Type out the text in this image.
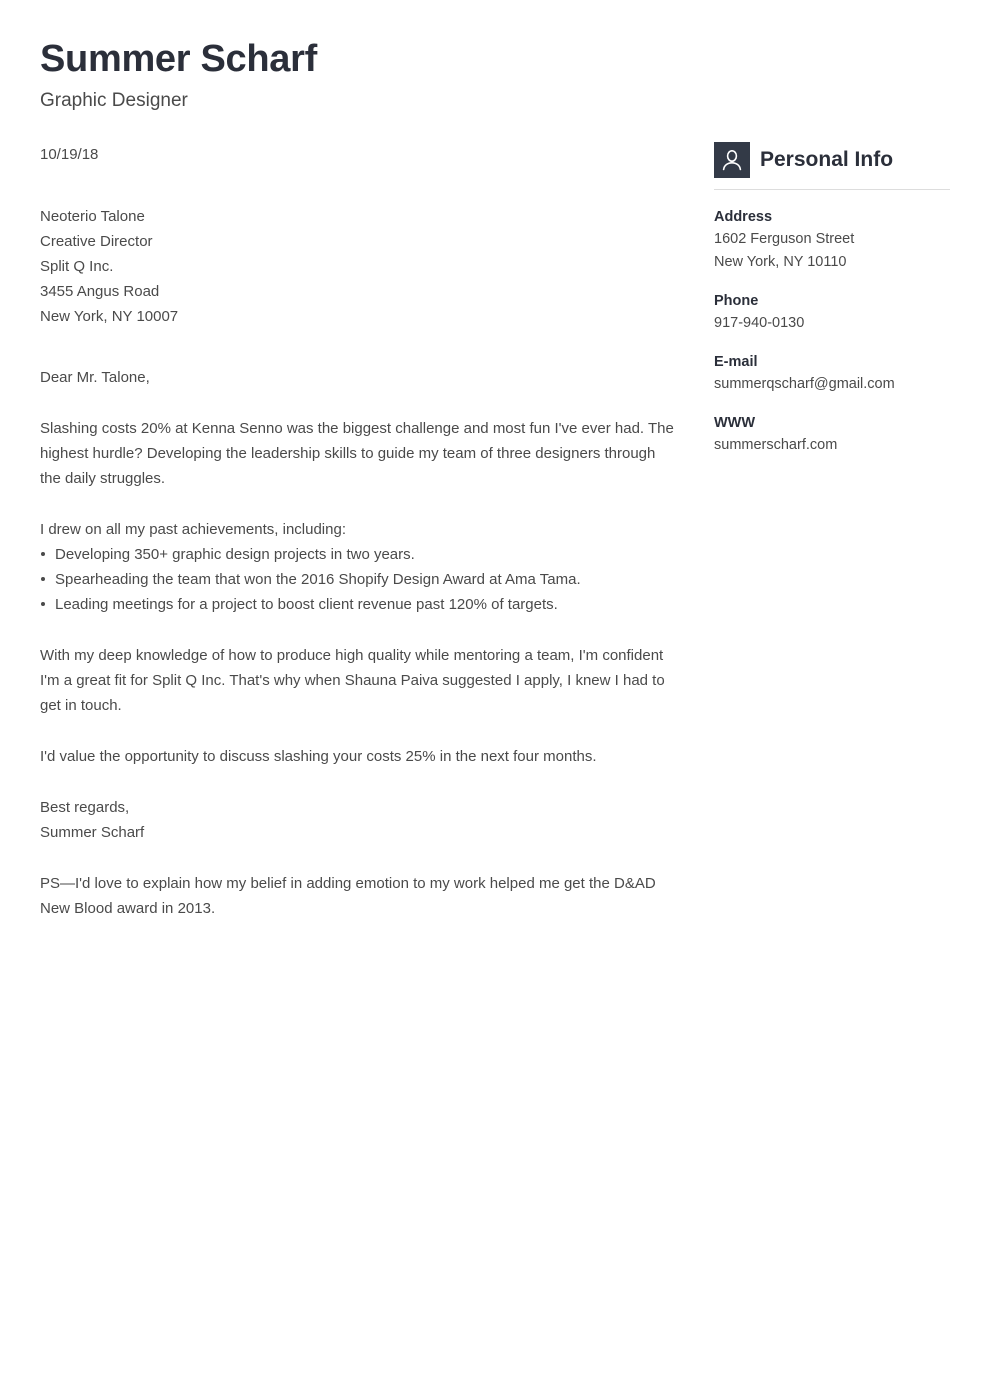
Summer Scharf
Graphic Designer
10/19/18
Neoterio Talone
Creative Director
Split Q Inc.
3455 Angus Road
New York, NY 10007
Dear Mr. Talone,

Slashing costs 20% at Kenna Senno was the biggest challenge and most fun I've ever had. The highest hurdle? Developing the leadership skills to guide my team of three designers through the daily struggles.

I drew on all my past achievements, including:
Developing 350+ graphic design projects in two years.
Spearheading the team that won the 2016 Shopify Design Award at Ama Tama.
Leading meetings for a project to boost client revenue past 120% of targets.

With my deep knowledge of how to produce high quality while mentoring a team, I'm confident I'm a great fit for Split Q Inc. That's why when Shauna Paiva suggested I apply, I knew I had to get in touch.

I'd value the opportunity to discuss slashing your costs 25% in the next four months.

Best regards,
Summer Scharf

PS—I'd love to explain how my belief in adding emotion to my work helped me get the D&AD New Blood award in 2013.

Personal Info
Address
1602 Ferguson Street
New York, NY 10110
Phone
917-940-0130
E-mail
summerqscharf@gmail.com
WWW
summerscharf.com
